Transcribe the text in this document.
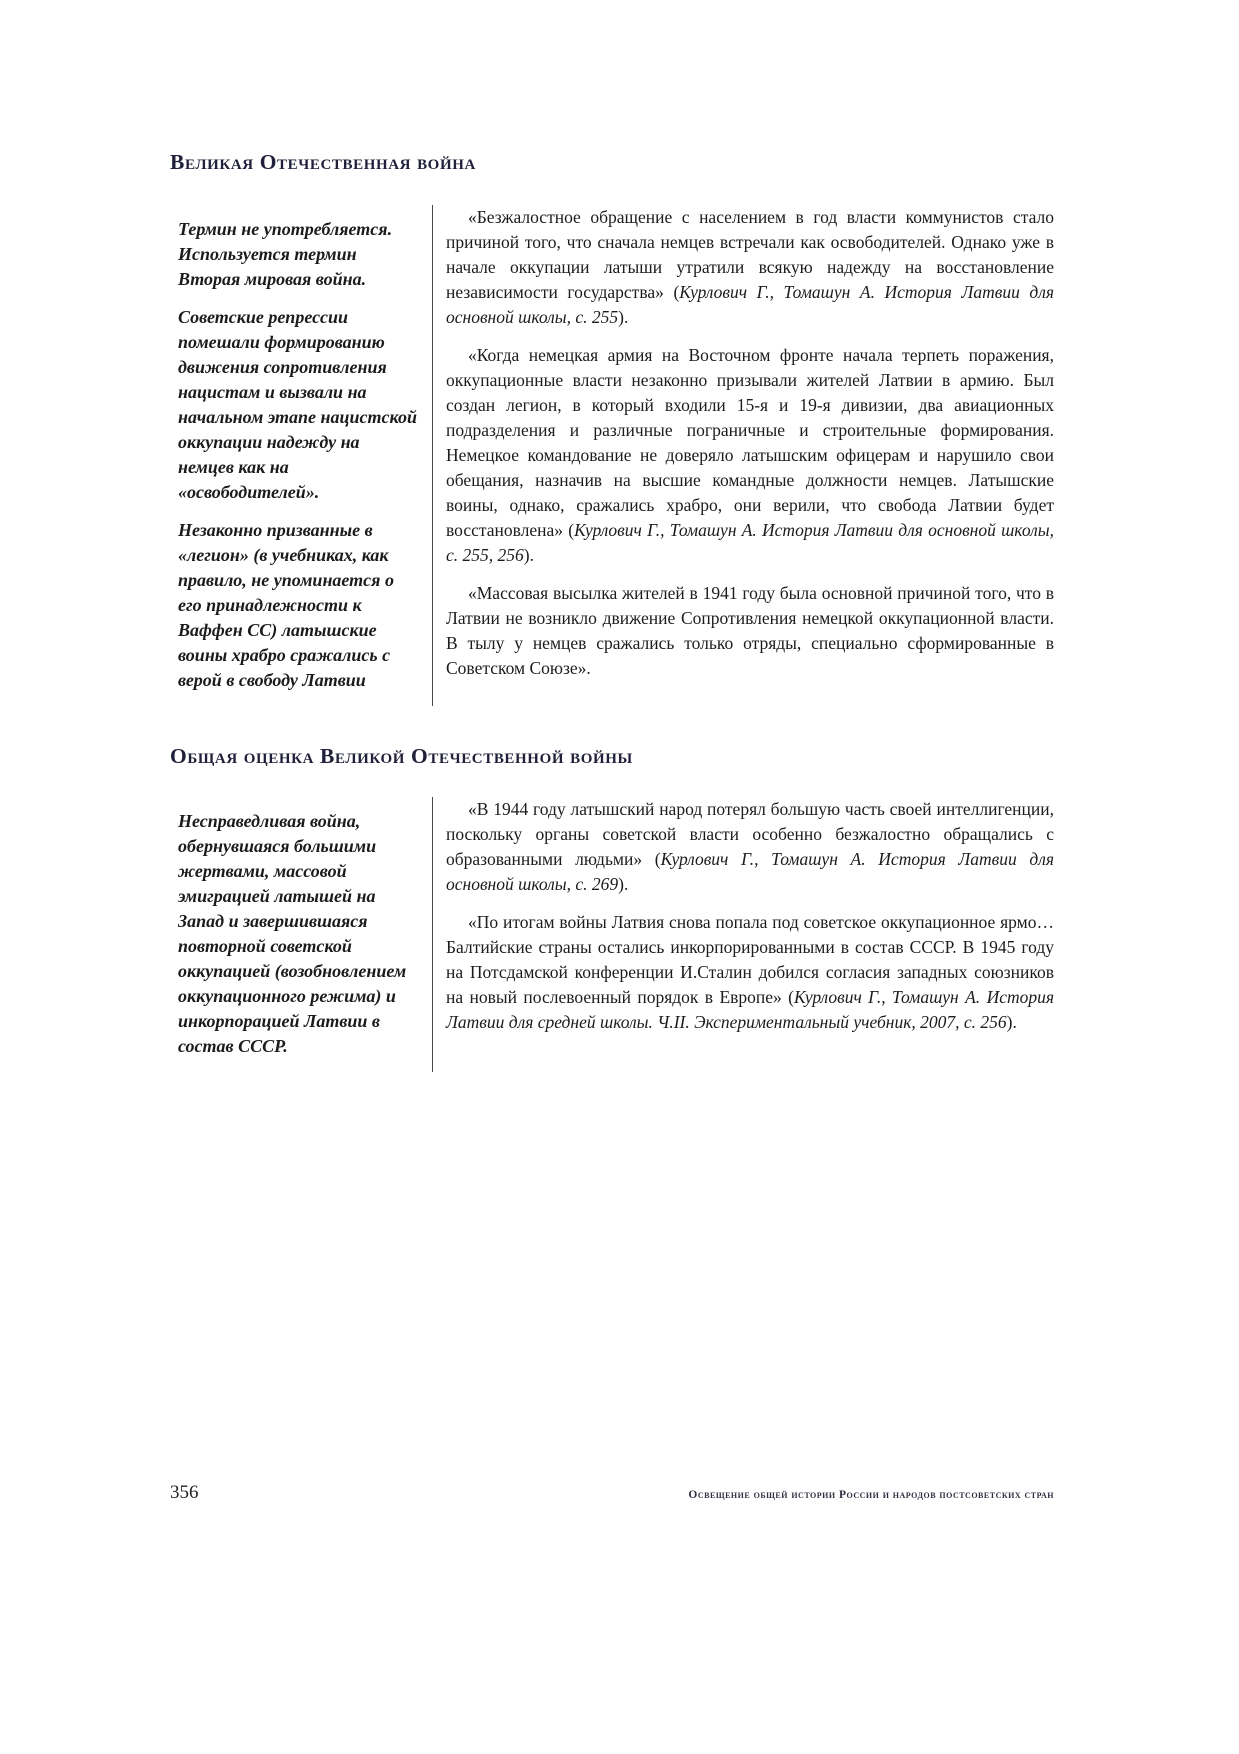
Великая Отечественная война

Термин не употребляется. Используется термин Вторая мировая война.

Советские репрессии помешали формированию движения сопротивления нацистам и вызвали на начальном этапе нацистской оккупации надежду на немцев как на «освободителей».

Незаконно призванные в «легион» (в учебниках, как правило, не упоминается о его принадлежности к Ваффен СС) латышские воины храбро сражались с верой в свободу Латвии

«Безжалостное обращение с населением в год власти коммунистов стало причиной того, что сначала немцев встречали как освободителей. Однако уже в начале оккупации латыши утратили всякую надежду на восстановление независимости государства» (Курлович Г., Томашун А. История Латвии для основной школы, с. 255).

«Когда немецкая армия на Восточном фронте начала терпеть поражения, оккупационные власти незаконно призывали жителей Латвии в армию. Был создан легион, в который входили 15-я и 19-я дивизии, два авиационных подразделения и различные пограничные и строительные формирования. Немецкое командование не доверяло латышским офицерам и нарушило свои обещания, назначив на высшие командные должности немцев. Латышские воины, однако, сражались храбро, они верили, что свобода Латвии будет восстановлена» (Курлович Г., Томашун А. История Латвии для основной школы, с. 255, 256).

«Массовая высылка жителей в 1941 году была основной причиной того, что в Латвии не возникло движение Сопротивления немецкой оккупационной власти. В тылу у немцев сражались только отряды, специально сформированные в Советском Союзе».

Общая оценка Великой Отечественной войны

Несправедливая война, обернувшаяся большими жертвами, массовой эмиграцией латышей на Запад и завершившаяся повторной советской оккупацией (возобновлением оккупационного режима) и инкорпорацией Латвии в состав СССР.

«В 1944 году латышский народ потерял большую часть своей интеллигенции, поскольку органы советской власти особенно безжалостно обращались с образованными людьми» (Курлович Г., Томашун А. История Латвии для основной школы, с. 269).

«По итогам войны Латвия снова попала под советское оккупационное ярмо… Балтийские страны остались инкорпорированными в состав СССР. В 1945 году на Потсдамской конференции И.Сталин добился согласия западных союзников на новый послевоенный порядок в Европе» (Курлович Г., Томашун А. История Латвии для средней школы. Ч.II. Экспериментальный учебник, 2007, с. 256).

356	Освещение общей истории России и народов постсоветских стран
